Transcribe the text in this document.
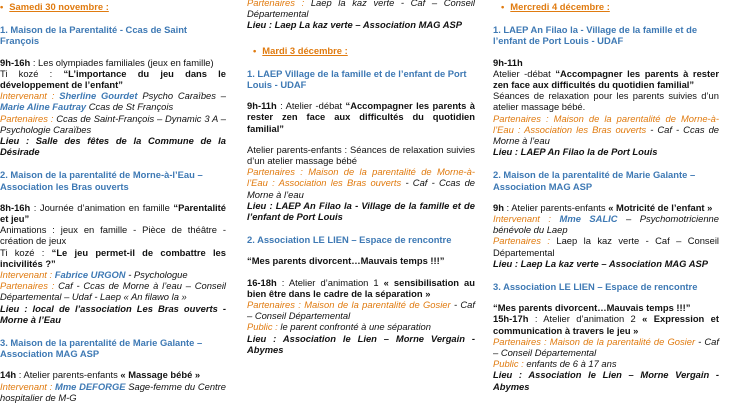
• Samedi 30 novembre :
1. Maison de la Parentalité - Ccas de Saint François

9h-16h : Les olympiades familiales (jeux en famille)

Ti kozé : “L’importance du jeu dans le développement de l’enfant”

Intervenant : Sherline Gourdet Psycho Caraïbes – Marie Aline Fautray Ccas de St François

Partenaires : Ccas de Saint-François – Dynamic 3 A – Psychologie Caraïbes

Lieu : Salle des fêtes de la Commune de la Désirade

2. Maison de la parentalité de Morne-à-l’Eau – Association les Bras ouverts

8h-16h : Journée d’animation en famille “Parentalité et jeu”

Animations : jeux en famille - Pièce de théâtre - création de jeux

Ti kozé : “Le jeu permet-il de combattre les incivilités ?”

Intervenant : Fabrice URGON - Psychologue

Partenaires : Caf - Ccas de Morne à l’eau – Conseil Départemental – Udaf - Laep « An filawo la »

Lieu : local de l’association Les Bras ouverts - Morne à l’Eau

3. Maison de la parentalité de Marie Galante – Association MAG ASP

14h : Atelier parents-enfants « Massage bébé »

Intervenant : Mme DEFORGE Sage-femme du Centre hospitalier de M-G

Partenaires : Laep la kaz verte - Caf – Conseil Départemental

Lieu : Laep La kaz verte – Association MAG ASP

• Mardi 3 décembre :
1. LAEP Village de la famille et de l’enfant de Port Louis - UDAF

9h-11h : Atelier -débat “Accompagner les parents à rester zen face aux difficultés du quotidien familial”

Atelier parents-enfants : Séances de relaxation suivies d’un atelier massage bébé

Partenaires : Maison de la parentalité de Morne-à-l’Eau : Association les Bras ouverts - Caf - Ccas de Morne à l’eau

Lieu : LAEP An Filao la - Village de la famille et de l’enfant de Port Louis

2. Association LE LIEN – Espace de rencontre

“Mes parents divorcent…Mauvais temps !!!”

16-18h : Atelier d’animation 1 « sensibilisation au bien être dans le cadre de la séparation »

Partenaires : Maison de la parentalité de Gosier - Caf – Conseil Départemental

Public : le parent confronté à une séparation

Lieu : Association le Lien – Morne Vergain - Abymes

• Mercredi 4 décembre :
1. LAEP An Filao la - Village de la famille et de l’enfant de Port Louis - UDAF

9h-11h

Atelier -débat “Accompagner les parents à rester zen face aux difficultés du quotidien familial”

Séances de relaxation pour les parents suivies d’un atelier massage bébé.

Partenaires : Maison de la parentalité de Morne-à-l’Eau : Association les Bras ouverts - Caf - Ccas de Morne à l’eau

Lieu : LAEP An Filao la de Port Louis

2. Maison de la parentalité de Marie Galante – Association MAG ASP

9h : Atelier parents-enfants « Motricité de l’enfant »

Intervenant : Mme SALIC – Psychomotricienne bénévole du Laep

Partenaires : Laep la kaz verte - Caf – Conseil Départemental

Lieu : Laep La kaz verte – Association MAG ASP

3. Association LE LIEN – Espace de rencontre

“Mes parents divorcent…Mauvais temps !!!”

15h-17h : Atelier d’animation 2 « Expression et communication à travers le jeu »

Partenaires : Maison de la parentalité de Gosier - Caf – Conseil Départemental

Public : enfants de 6 à 17 ans

Lieu : Association le Lien – Morne Vergain - Abymes
